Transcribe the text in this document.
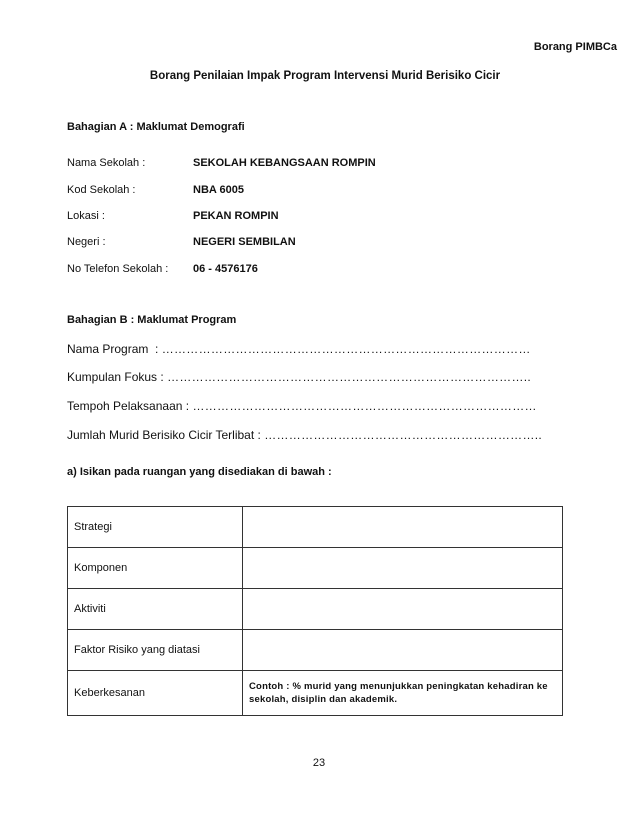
Borang PIMBCa
Borang Penilaian Impak Program Intervensi Murid Berisiko Cicir
Bahagian A : Maklumat Demografi
Nama Sekolah :	SEKOLAH KEBANGSAAN ROMPIN
Kod Sekolah :	NBA 6005
Lokasi :	PEKAN ROMPIN
Negeri :	NEGERI SEMBILAN
No Telefon Sekolah : 06 - 4576176
Bahagian B : Maklumat Program
Nama Program  : ………………………………………………………………………………
Kumpulan Fokus : ……………………………………………………………………………..
Tempoh Pelaksanaan : …………………………………………………………………………
Jumlah Murid Berisiko Cicir Terlibat : …………………………………………………………..
a) Isikan pada ruangan yang disediakan di bawah :
Strategi	
Komponen	
Aktiviti	
Faktor Risiko yang diatasi	
Keberkesanan	Contoh : % murid yang menunjukkan peningkatan kehadiran ke sekolah, disiplin dan akademik.
23
